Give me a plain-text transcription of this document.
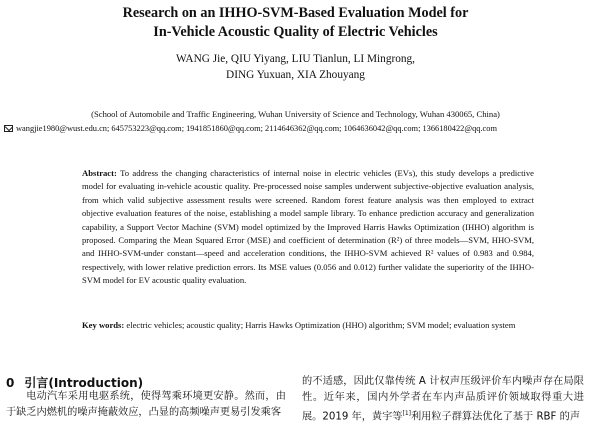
Research on an IHHO-SVM-Based Evaluation Model for
In-Vehicle Acoustic Quality of Electric Vehicles
WANG Jie, QIU Yiyang, LIU Tianlun, LI Mingrong,
DING Yuxuan, XIA Zhouyang
(School of Automobile and Traffic Engineering, Wuhan University of Science and Technology, Wuhan 430065, China)
wangjie1980@wust.edu.cn; 645753223@qq.com; 1941851860@qq.com; 2114646362@qq.com; 1064636042@qq.com; 1366180422@qq.com
Abstract: To address the changing characteristics of internal noise in electric vehicles (EVs), this study develops a predictive model for evaluating in-vehicle acoustic quality. Pre-processed noise samples underwent subjective-objective evaluation analysis, from which valid subjective assessment results were screened. Random forest feature analysis was then employed to extract objective evaluation features of the noise, establishing a model sample library. To enhance prediction accuracy and generalization capability, a Support Vector Machine (SVM) model optimized by the Improved Harris Hawks Optimization (IHHO) algorithm is proposed. Comparing the Mean Squared Error (MSE) and coefficient of determination (R²) of three models—SVM, HHO-SVM, and IHHO-SVM-under constant—speed and acceleration conditions, the IHHO-SVM achieved R² values of 0.983 and 0.984, respectively, with lower relative prediction errors. Its MSE values (0.056 and 0.012) further validate the superiority of the IHHO-SVM model for EV acoustic quality evaluation.
Key words: electric vehicles; acoustic quality; Harris Hawks Optimization (HHO) algorithm; SVM model; evaluation system
0 引言(Introduction)
电动汽车采用电驱系统，使得驾乘环境更安静。然而，由于缺乏内燃机的噪声掩蔽效应，凸显的高频噪声更易引发乘客
的不适感，因此仅靠传统 A 计权声压级评价车内噪声存在局限性。近年来，国内外学者在车内声品质评价领域取得重大进展。2019 年，黄宇等[1]利用粒子群算法优化了基于 RBF 的声
